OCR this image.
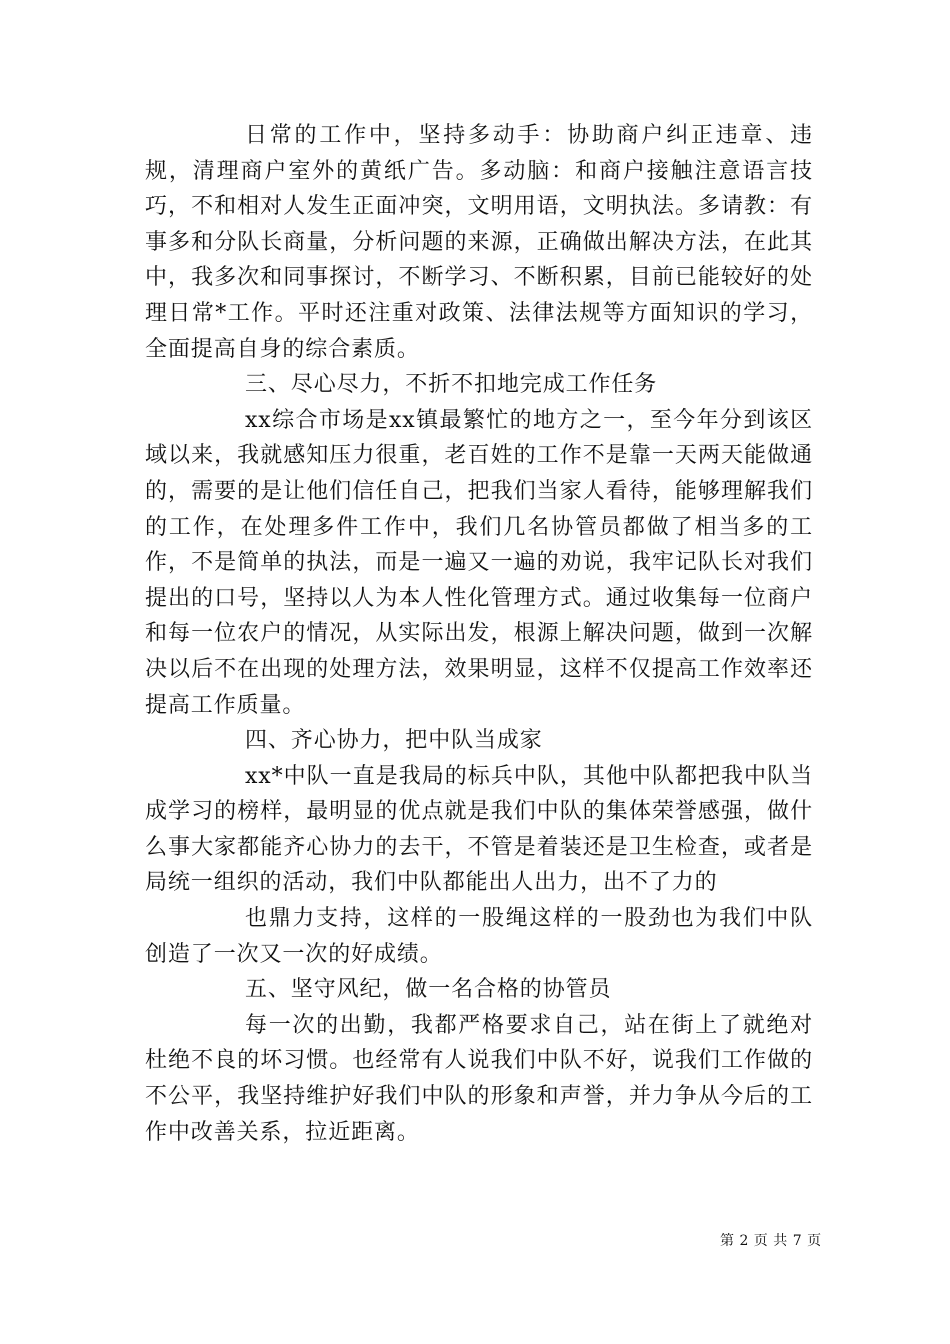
日常的工作中，坚持多动手：协助商户纠正违章、违规，清理商户室外的黄纸广告。多动脑：和商户接触注意语言技巧，不和相对人发生正面冲突，文明用语，文明执法。多请教：有事多和分队长商量，分析问题的来源，正确做出解决方法，在此其中，我多次和同事探讨，不断学习、不断积累，目前已能较好的处理日常*工作。平时还注重对政策、法律法规等方面知识的学习，全面提高自身的综合素质。

三、尽心尽力，不折不扣地完成工作任务

xx综合市场是xx镇最繁忙的地方之一，至今年分到该区域以来，我就感知压力很重，老百姓的工作不是靠一天两天能做通的，需要的是让他们信任自己，把我们当家人看待，能够理解我们的工作，在处理多件工作中，我们几名协管员都做了相当多的工作，不是简单的执法，而是一遍又一遍的劝说，我牢记队长对我们提出的口号，坚持以人为本人性化管理方式。通过收集每一位商户和每一位农户的情况，从实际出发，根源上解决问题，做到一次解决以后不在出现的处理方法，效果明显，这样不仅提高工作效率还提高工作质量。

四、齐心协力，把中队当成家

xx*中队一直是我局的标兵中队，其他中队都把我中队当成学习的榜样，最明显的优点就是我们中队的集体荣誉感强，做什么事大家都能齐心协力的去干，不管是着装还是卫生检查，或者是局统一组织的活动，我们中队都能出人出力，出不了力的

也鼎力支持，这样的一股绳这样的一股劲也为我们中队创造了一次又一次的好成绩。

五、坚守风纪，做一名合格的协管员

每一次的出勤，我都严格要求自己，站在街上了就绝对杜绝不良的坏习惯。也经常有人说我们中队不好，说我们工作做的不公平，我坚持维护好我们中队的形象和声誉，并力争从今后的工作中改善关系，拉近距离。

第 2 页 共 7 页
